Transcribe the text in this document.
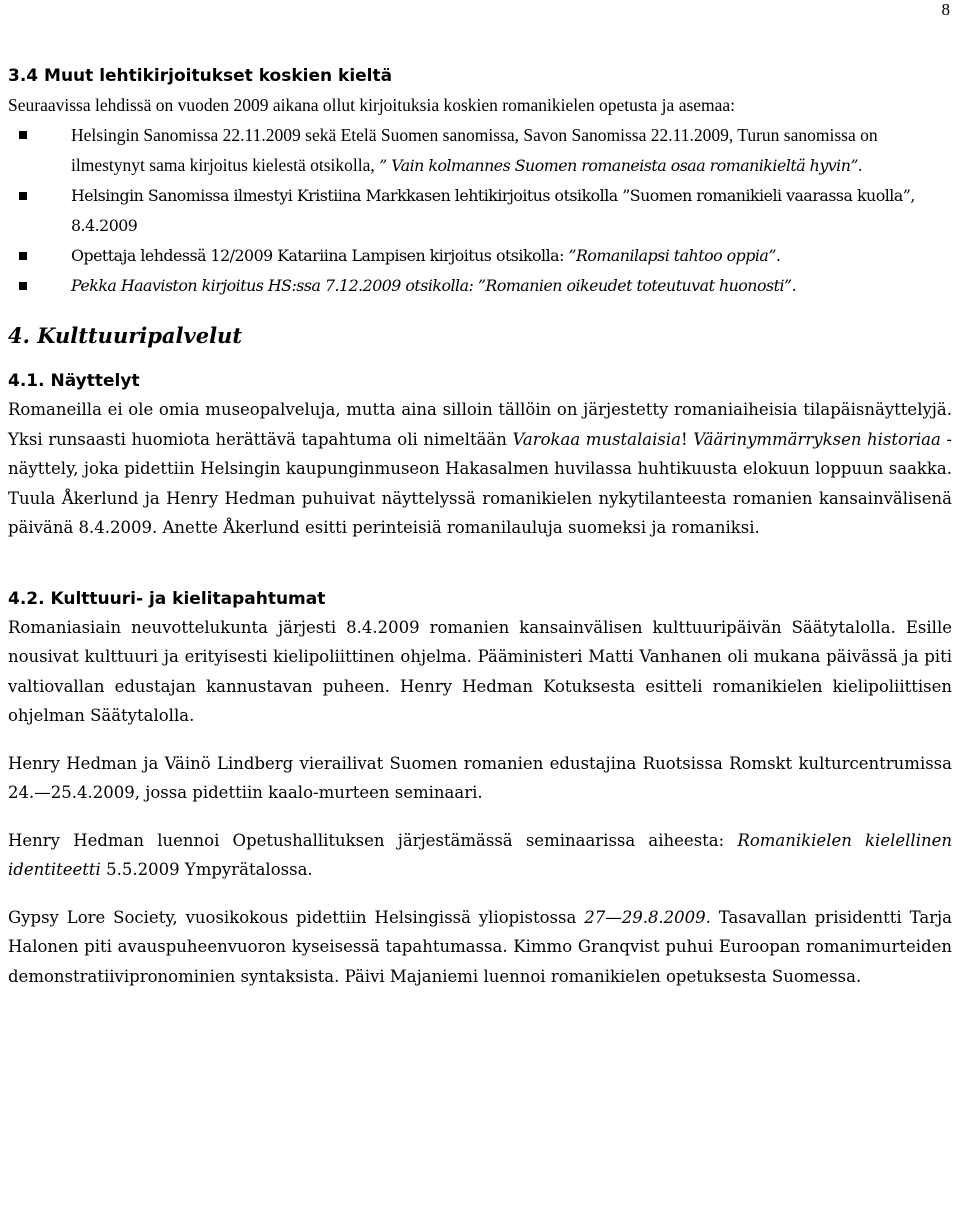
8
3.4 Muut lehtikirjoitukset koskien kieltä

Seuraavissa lehdissä on vuoden 2009 aikana ollut kirjoituksia koskien romanikielen opetusta ja asemaa:

Helsingin Sanomissa 22.11.2009 sekä Etelä Suomen sanomissa, Savon Sanomissa 22.11.2009, Turun sanomissa on ilmestynyt sama kirjoitus kielestä otsikolla, ” Vain kolmannes Suomen romaneista osaa romanikieltä hyvin”.
Helsingin Sanomissa ilmestyi Kristiina Markkasen lehtikirjoitus otsikolla ”Suomen romanikieli vaarassa kuolla”, 8.4.2009
Opettaja lehdessä 12/2009 Katariina Lampisen kirjoitus otsikolla: ”Romanilapsi tahtoo oppia”.
Pekka Haaviston kirjoitus HS:ssa 7.12.2009 otsikolla: ”Romanien oikeudet toteutuvat huonosti”.
4. Kulttuuripalvelut
4.1. Näyttelyt

Romaneilla ei ole omia museopalveluja, mutta aina silloin tällöin on järjestetty romaniaiheisia tilapäisnäyttelyjä. Yksi runsaasti huomiota herättävä tapahtuma oli nimeltään Varokaa mustalaisia! Väärinymmärryksen historiaa -näyttely, joka pidettiin Helsingin kaupunginmuseon Hakasalmen huvilassa huhtikuusta elokuun loppuun saakka. Tuula Åkerlund ja Henry Hedman puhuivat näyttelyssä romanikielen nykytilanteesta romanien kansainvälisenä päivänä 8.4.2009. Anette Åkerlund esitti perinteisiä romanilauluja suomeksi ja romaniksi.

4.2. Kulttuuri- ja kielitapahtumat

Romaniasiain neuvottelukunta järjesti 8.4.2009 romanien kansainvälisen kulttuuripäivän Säätytalolla. Esille nousivat kulttuuri ja erityisesti kielipoliittinen ohjelma. Pääministeri Matti Vanhanen oli mukana päivässä ja piti valtiovallan edustajan kannustavan puheen. Henry Hedman Kotuksesta esitteli romanikielen kielipoliittisen ohjelman Säätytalolla.

Henry Hedman ja Väinö Lindberg vierailivat Suomen romanien edustajina Ruotsissa Romskt kulturcentrumissa 24.—25.4.2009, jossa pidettiin kaalo-murteen seminaari.

Henry Hedman luennoi Opetushallituksen järjestämässä seminaarissa aiheesta: Romanikielen kielellinen identiteetti 5.5.2009 Ympyrätalossa.

Gypsy Lore Society, vuosikokous pidettiin Helsingissä yliopistossa 27—29.8.2009. Tasavallan prisidentti Tarja Halonen piti avauspuheenvuoron kyseisessä tapahtumassa. Kimmo Granqvist puhui Euroopan romanimurteiden demonstratiivipronominien syntaksista. Päivi Majaniemi luennoi romanikielen opetuksesta Suomessa.
